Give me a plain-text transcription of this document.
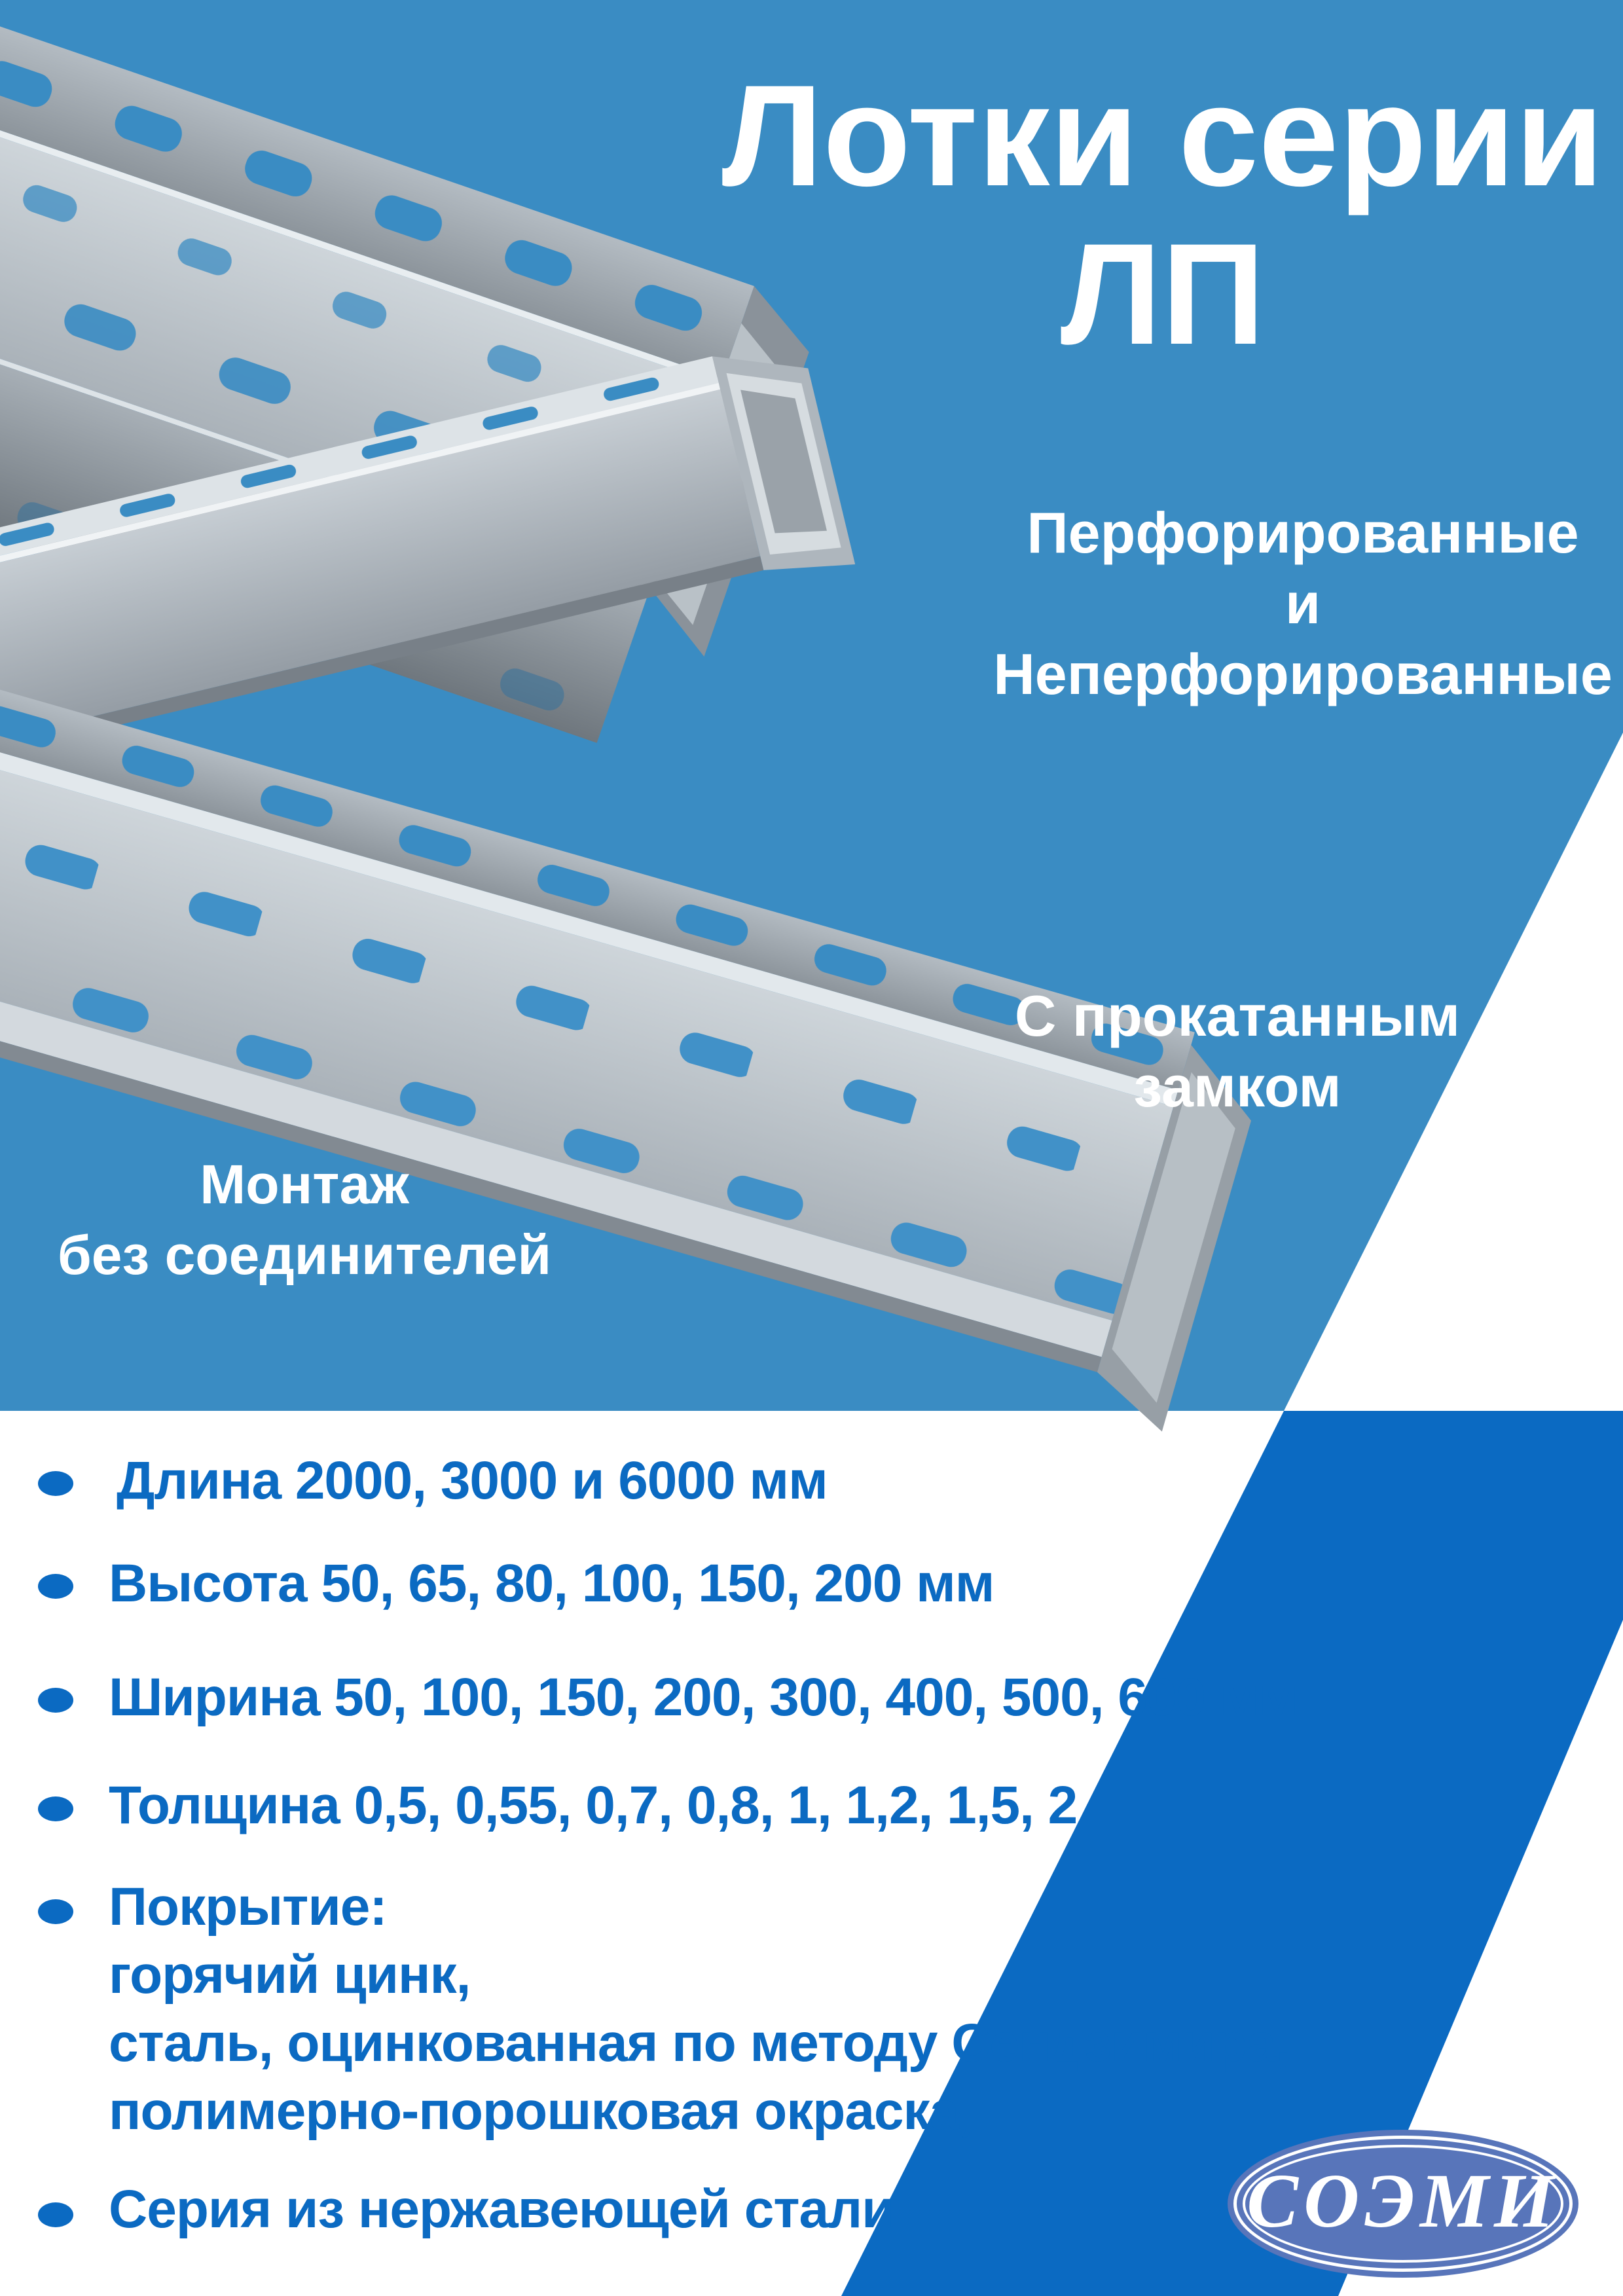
Лотки серии
ЛП
Перфорированные
и
Неперфорированные
С прокатанным
замком
Монтаж
без соединителей
Длина 2000, 3000 и 6000 мм
Высота 50, 65, 80, 100, 150, 200 мм
Ширина 50, 100, 150, 200, 300, 400, 500, 600 мм
Толщина 0,5, 0,55, 0,7, 0,8, 1, 1,2, 1,5, 2
Покрытие:
горячий цинк,
сталь, оцинкованная по методу Сендзимира,
полимерно-порошковая окраска,
Серия из нержавеющей стали	СОЭМИ
